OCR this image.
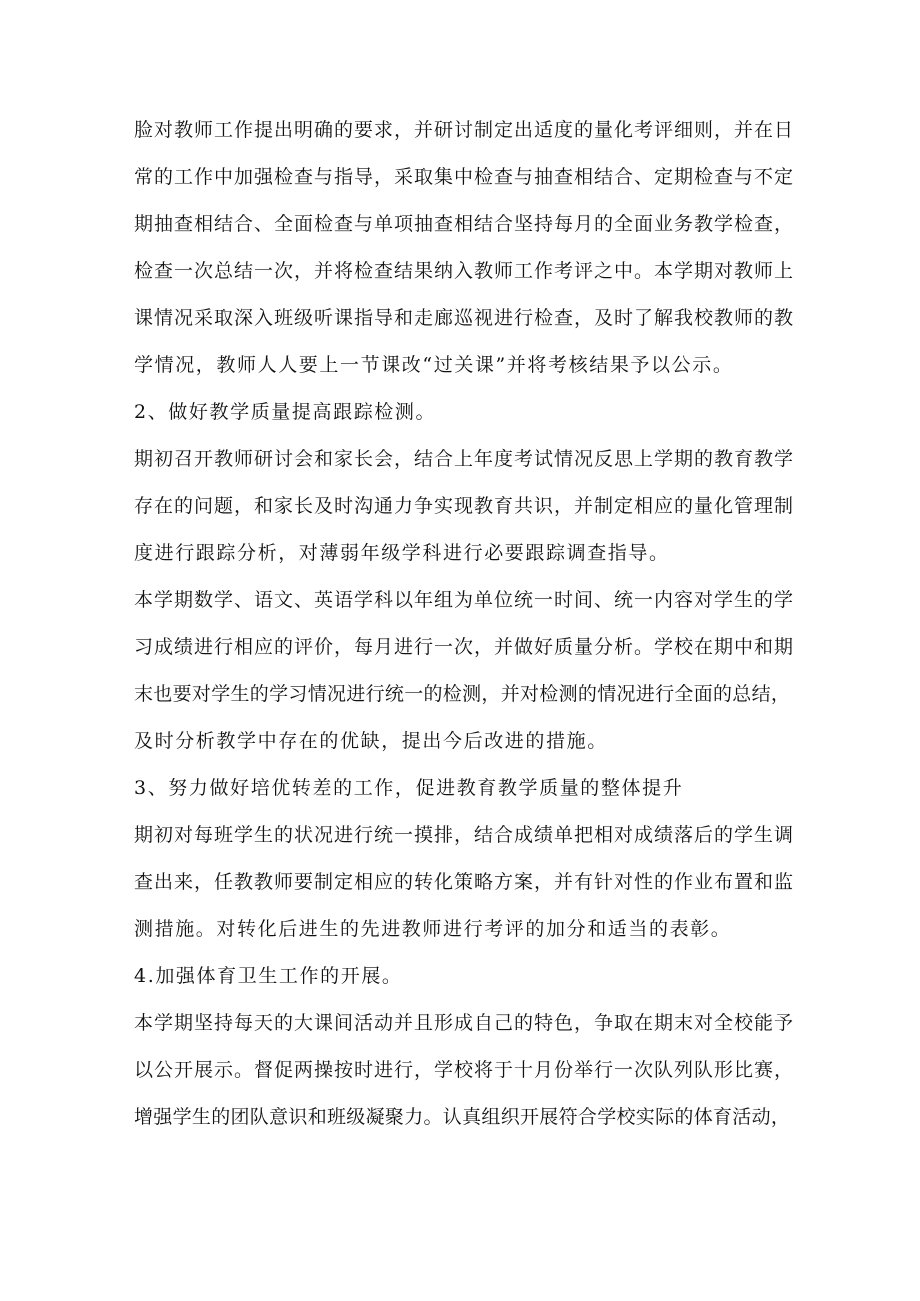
脸对教师工作提出明确的要求，并研讨制定出适度的量化考评细则，并在日
常的工作中加强检查与指导，采取集中检查与抽查相结合、定期检查与不定
期抽查相结合、全面检查与单项抽查相结合坚持每月的全面业务教学检查，
检查一次总结一次，并将检查结果纳入教师工作考评之中。本学期对教师上
课情况采取深入班级听课指导和走廊巡视进行检查，及时了解我校教师的教
学情况，教师人人要上一节课改“过关课”并将考核结果予以公示。
2、做好教学质量提高跟踪检测。
期初召开教师研讨会和家长会，结合上年度考试情况反思上学期的教育教学
存在的问题，和家长及时沟通力争实现教育共识，并制定相应的量化管理制
度进行跟踪分析，对薄弱年级学科进行必要跟踪调查指导。
本学期数学、语文、英语学科以年组为单位统一时间、统一内容对学生的学
习成绩进行相应的评价，每月进行一次，并做好质量分析。学校在期中和期
末也要对学生的学习情况进行统一的检测，并对检测的情况进行全面的总结，
及时分析教学中存在的优缺，提出今后改进的措施。
3、努力做好培优转差的工作，促进教育教学质量的整体提升
期初对每班学生的状况进行统一摸排，结合成绩单把相对成绩落后的学生调
查出来，任教教师要制定相应的转化策略方案，并有针对性的作业布置和监
测措施。对转化后进生的先进教师进行考评的加分和适当的表彰。
4.加强体育卫生工作的开展。
本学期坚持每天的大课间活动并且形成自己的特色，争取在期末对全校能予
以公开展示。督促两操按时进行，学校将于十月份举行一次队列队形比赛，
增强学生的团队意识和班级凝聚力。认真组织开展符合学校实际的体育活动，
